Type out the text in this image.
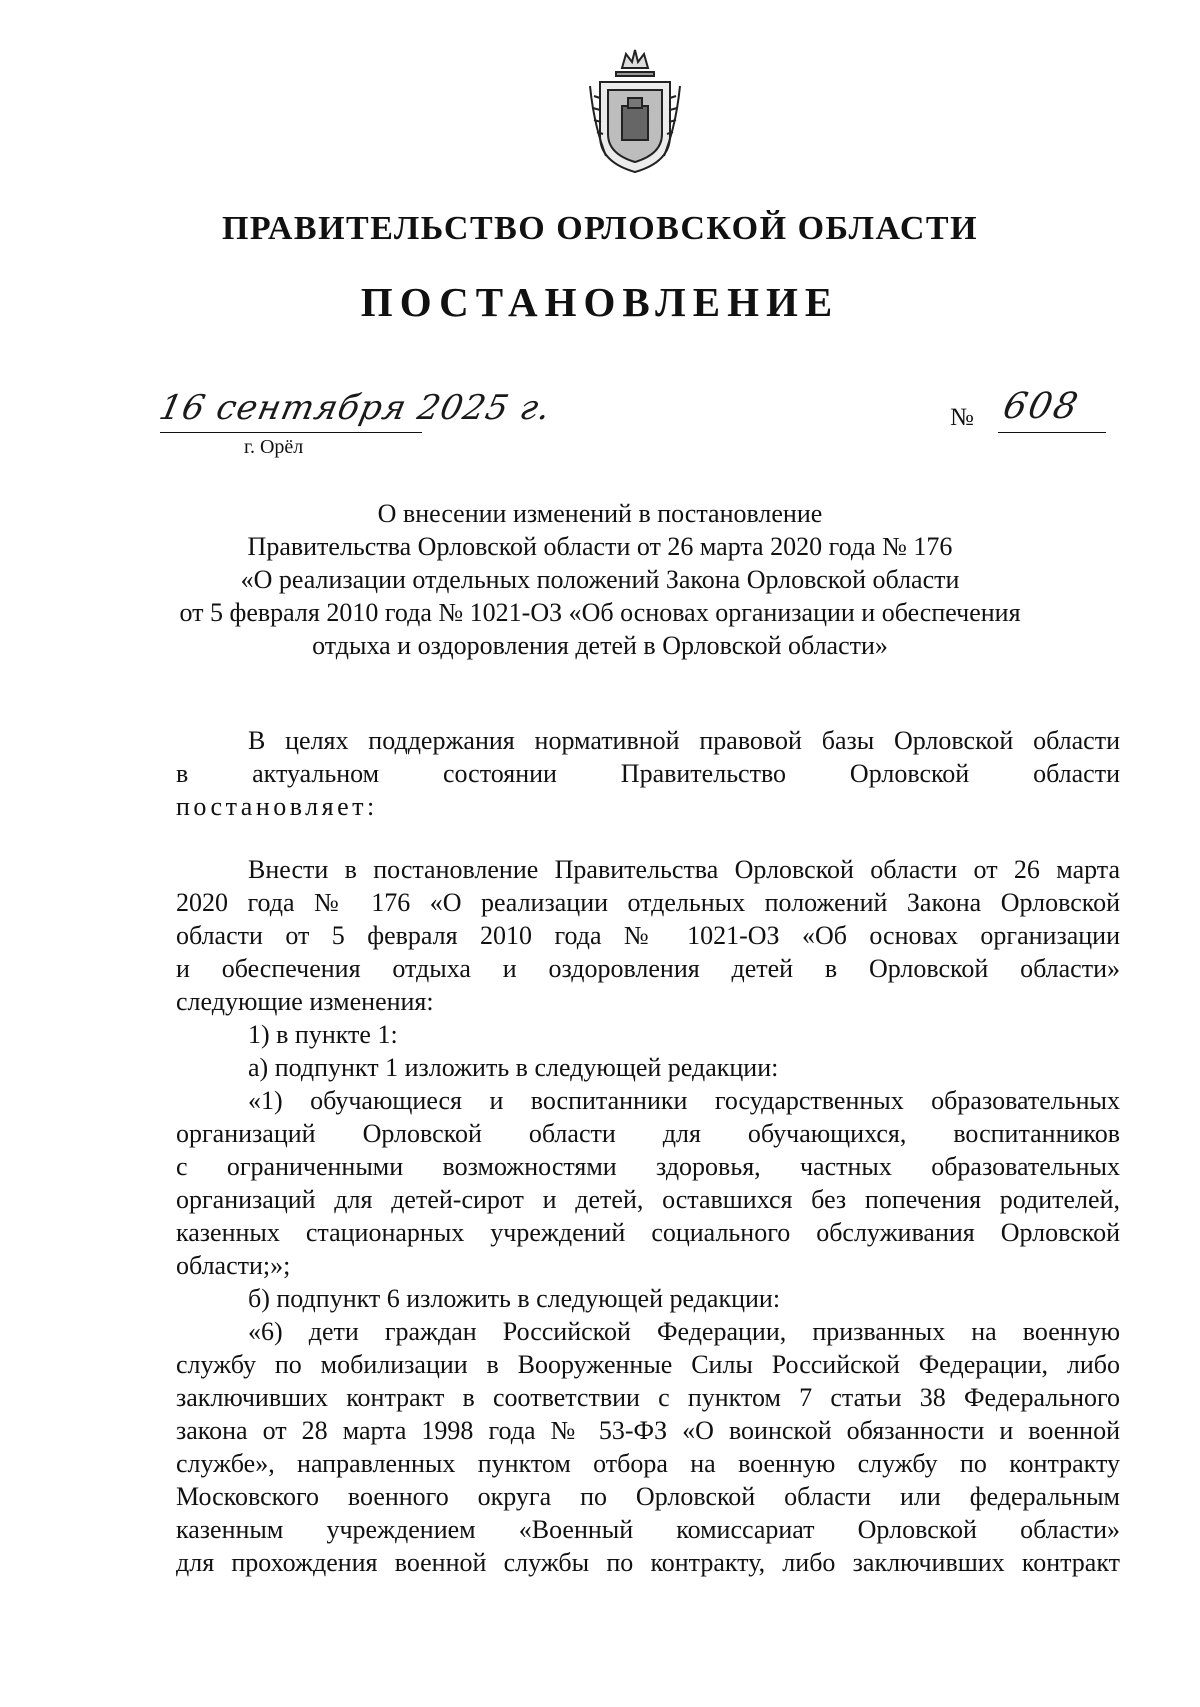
ПРАВИТЕЛЬСТВО ОРЛОВСКОЙ ОБЛАСТИ
ПОСТАНОВЛЕНИЕ
16 сентября 2025 г.
г. Орёл
№ 608
О внесении изменений в постановление
Правительства Орловской области от 26 марта 2020 года № 176
«О реализации отдельных положений Закона Орловской области
от 5 февраля 2010 года № 1021-ОЗ «Об основах организации и обеспечения
отдыха и оздоровления детей в Орловской области»
В целях поддержания нормативной правовой базы Орловской области
в актуальном состоянии Правительство Орловской области
постановляет:
Внести в постановление Правительства Орловской области от 26 марта
2020 года № 176 «О реализации отдельных положений Закона Орловской
области от 5 февраля 2010 года № 1021-ОЗ «Об основах организации
и обеспечения отдыха и оздоровления детей в Орловской области»
следующие изменения:
1) в пункте 1:
а) подпункт 1 изложить в следующей редакции:
«1) обучающиеся и воспитанники государственных образовательных
организаций Орловской области для обучающихся, воспитанников
с ограниченными возможностями здоровья, частных образовательных
организаций для детей-сирот и детей, оставшихся без попечения родителей,
казенных стационарных учреждений социального обслуживания Орловской
области;»;
б) подпункт 6 изложить в следующей редакции:
«6) дети граждан Российской Федерации, призванных на военную
службу по мобилизации в Вооруженные Силы Российской Федерации, либо
заключивших контракт в соответствии с пунктом 7 статьи 38 Федерального
закона от 28 марта 1998 года № 53-ФЗ «О воинской обязанности и военной
службе», направленных пунктом отбора на военную службу по контракту
Московского военного округа по Орловской области или федеральным
казенным учреждением «Военный комиссариат Орловской области»
для прохождения военной службы по контракту, либо заключивших контракт
